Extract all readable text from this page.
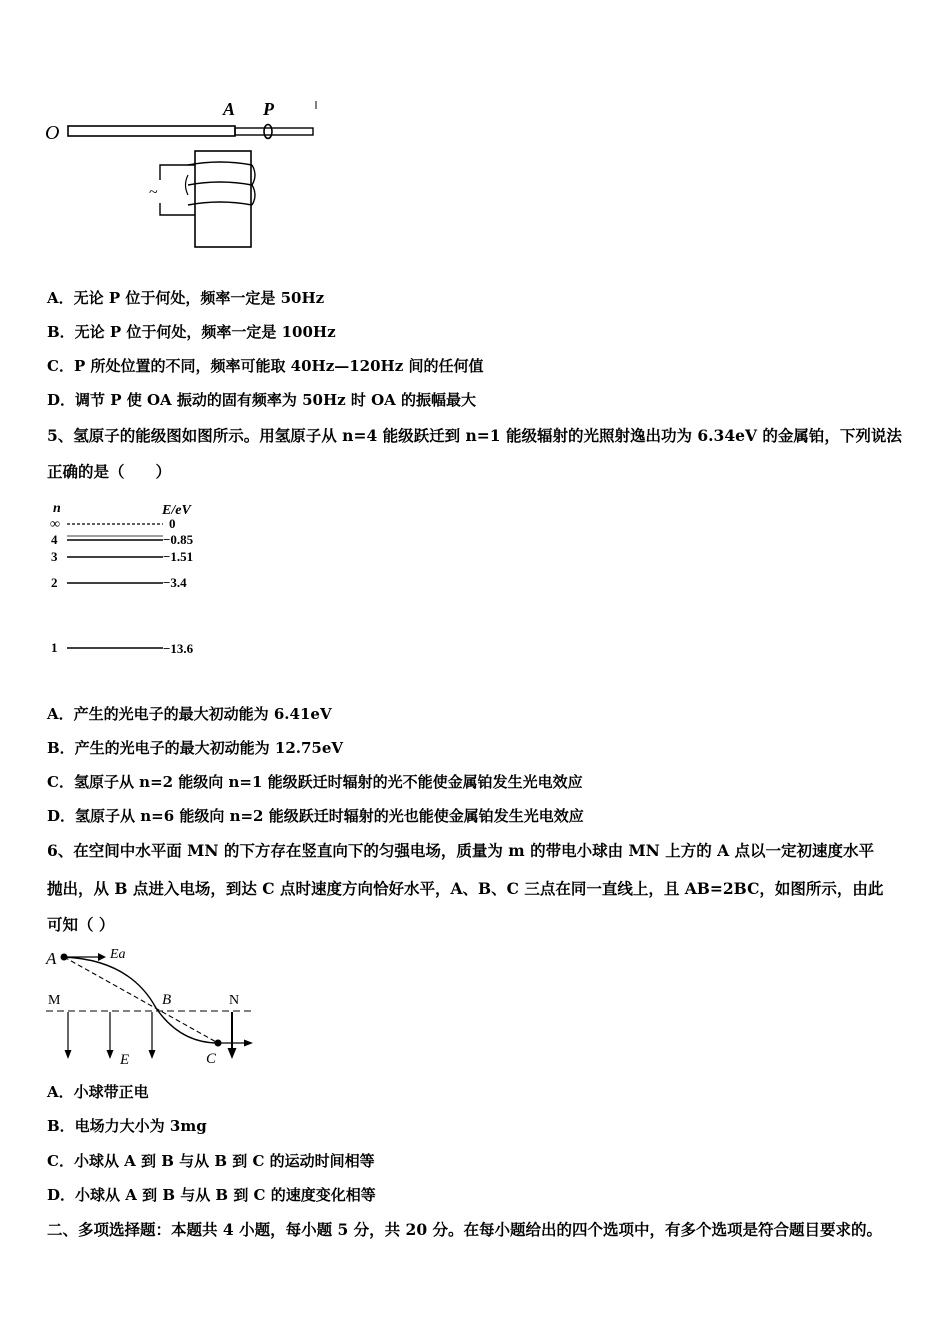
O
A P
~
A．无论 P 位于何处，频率一定是 50Hz
B．无论 P 位于何处，频率一定是 100Hz
C．P 所处位置的不同，频率可能取 40Hz—120Hz 间的任何值
D．调节 P 使 OA 振动的固有频率为 50Hz 时 OA 的振幅最大
5、氢原子的能级图如图所示。用氢原子从 n=4 能级跃迁到 n=1 能级辐射的光照射逸出功为 6.34eV 的金属铂，下列说法
正确的是（　　）
n	E/eV
∞	0
4	−0.85
3	−1.51
2	−3.4
1	−13.6
A．产生的光电子的最大初动能为 6.41eV
B．产生的光电子的最大初动能为 12.75eV
C．氢原子从 n=2 能级向 n=1 能级跃迁时辐射的光不能使金属铂发生光电效应
D．氢原子从 n=6 能级向 n=2 能级跃迁时辐射的光也能使金属铂发生光电效应
6、在空间中水平面 MN 的下方存在竖直向下的匀强电场，质量为 m 的带电小球由 MN 上方的 A 点以一定初速度水平
抛出，从 B 点进入电场，到达 C 点时速度方向恰好水平，A、B、C 三点在同一直线上，且 AB=2BC，如图所示，由此
可知（ ）
A	Ea
M	B	N
E	C
A．小球带正电
B．电场力大小为 3mg
C．小球从 A 到 B 与从 B 到 C 的运动时间相等
D．小球从 A 到 B 与从 B 到 C 的速度变化相等
二、多项选择题：本题共 4 小题，每小题 5 分，共 20 分。在每小题给出的四个选项中，有多个选项是符合题目要求的。
